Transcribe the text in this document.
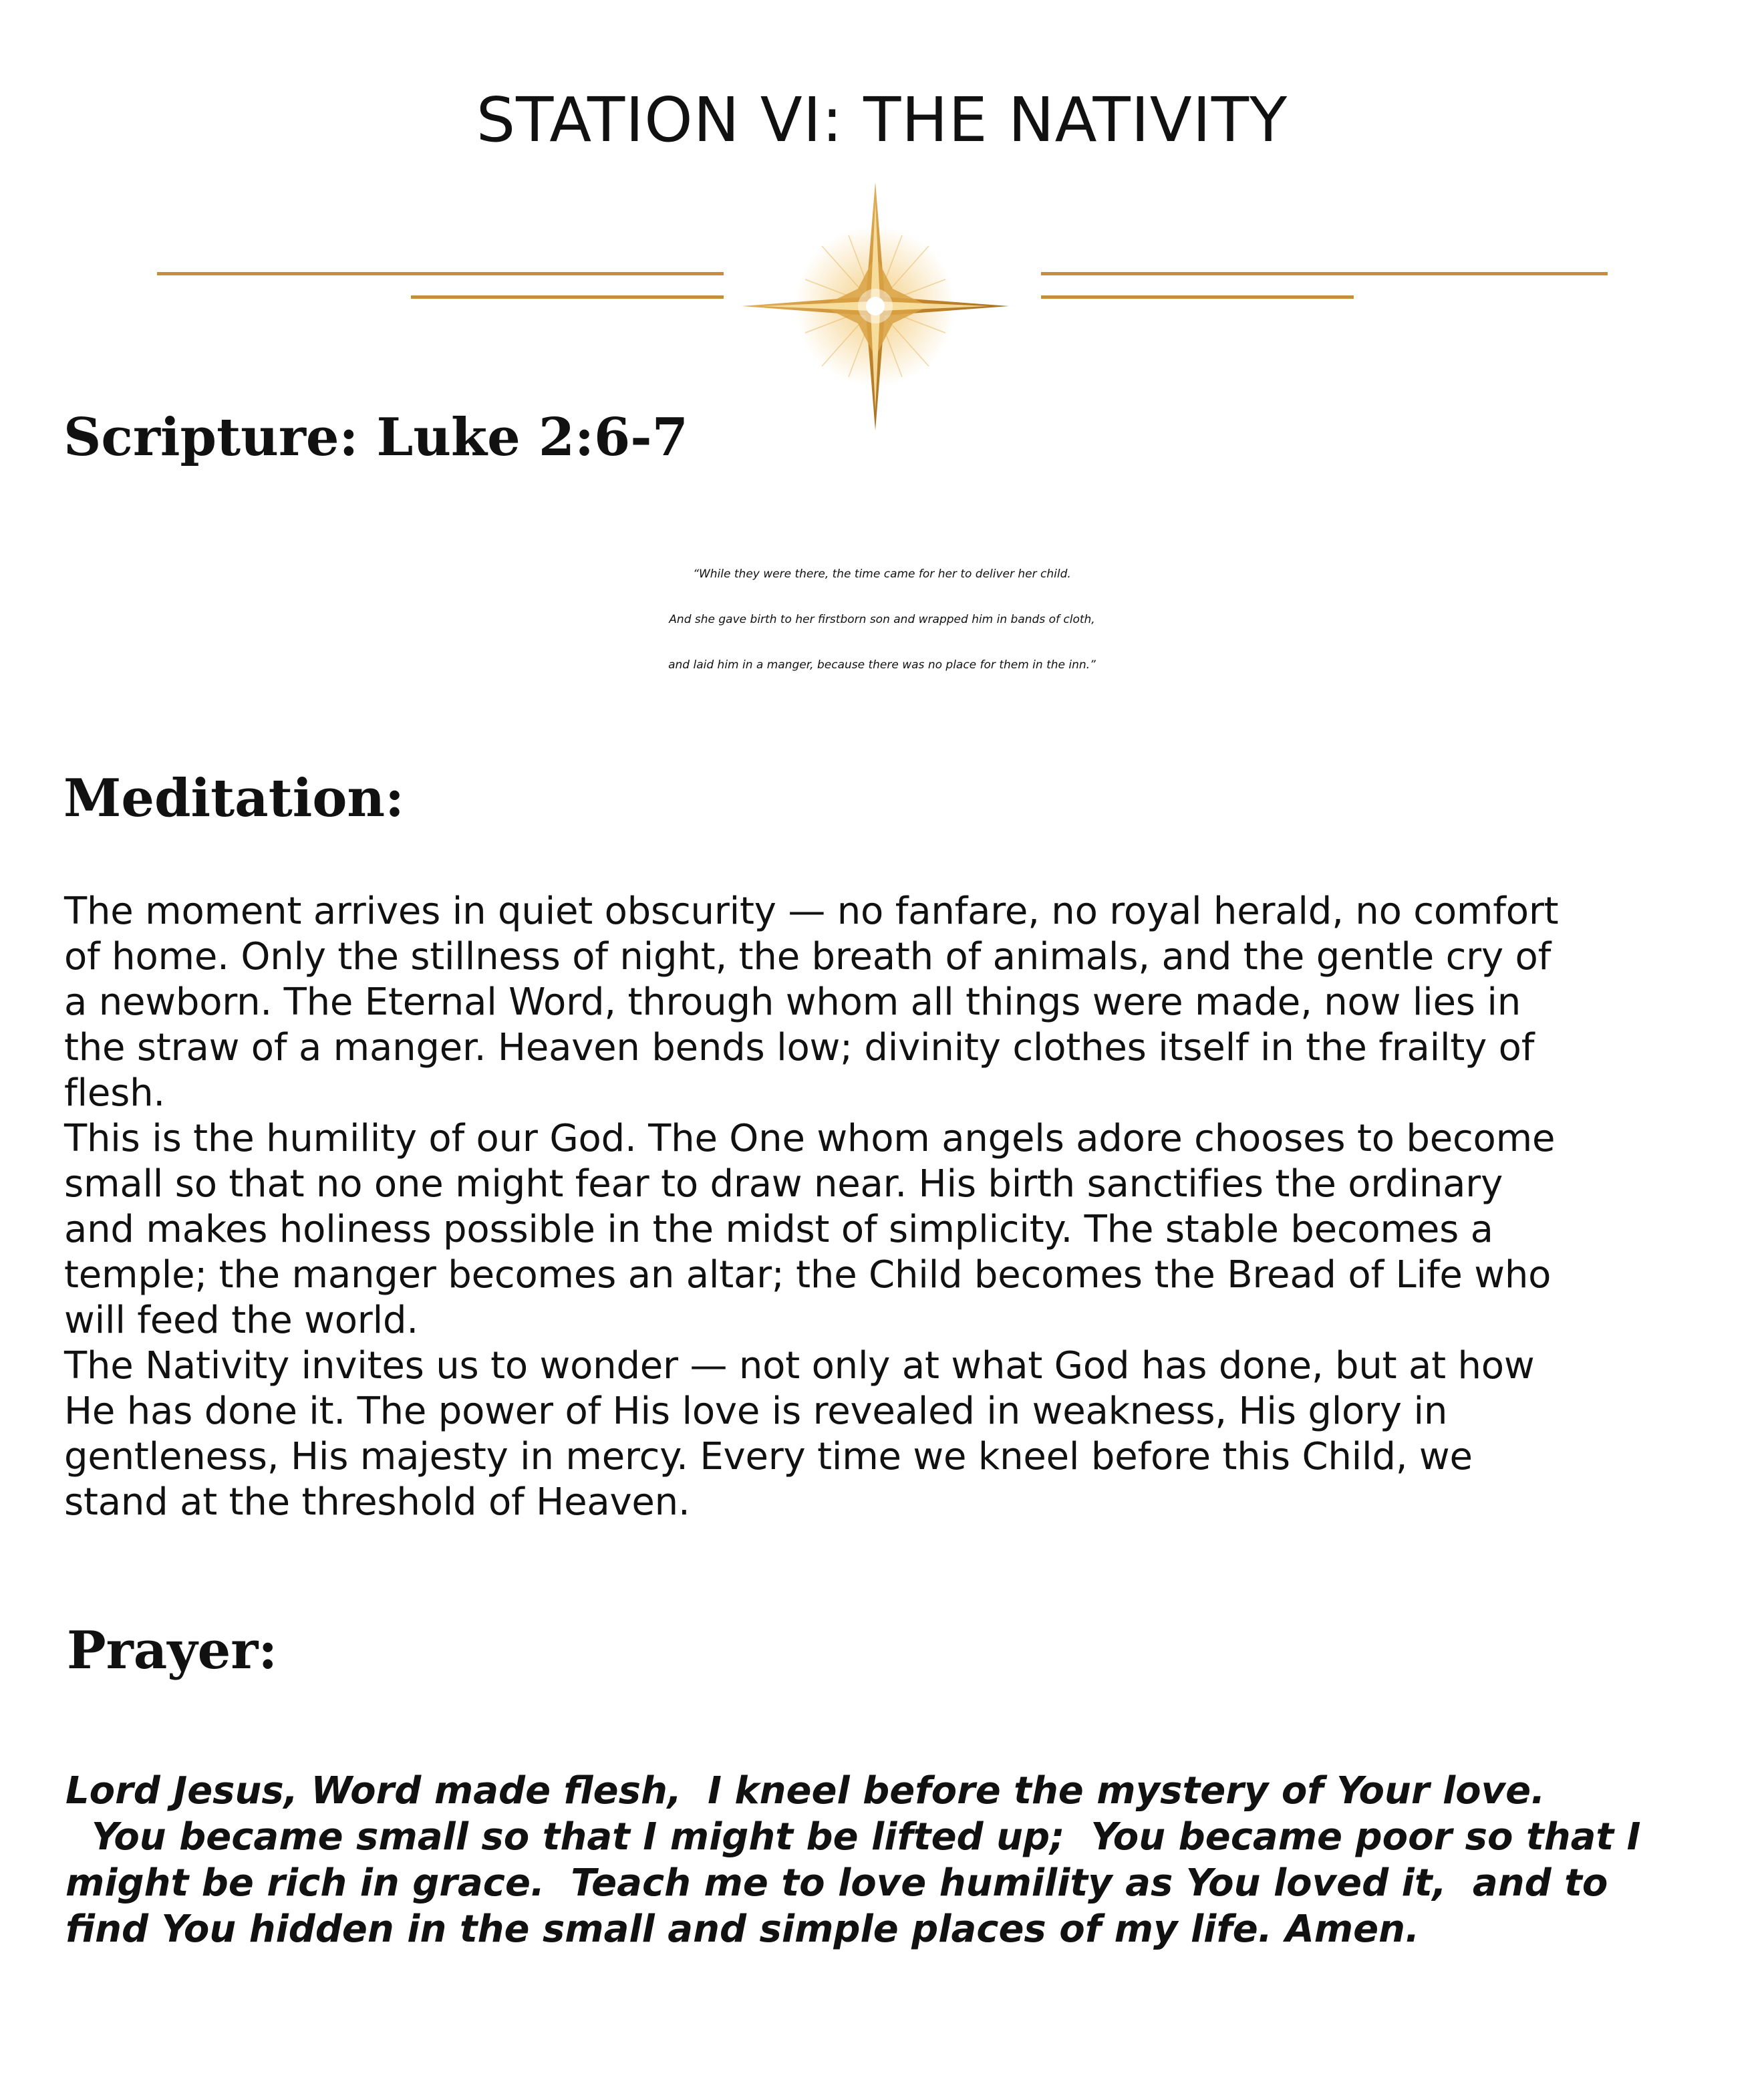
STATION VI: THE NATIVITY
Scripture: Luke 2:6-7

“While they were there, the time came for her to deliver her child.
And she gave birth to her firstborn son and wrapped him in bands of cloth,
and laid him in a manger, because there was no place for them in the inn.”

Meditation:

The moment arrives in quiet obscurity — no fanfare, no royal herald, no comfort
of home. Only the stillness of night, the breath of animals, and the gentle cry of
a newborn. The Eternal Word, through whom all things were made, now lies in
the straw of a manger. Heaven bends low; divinity clothes itself in the frailty of
flesh.
This is the humility of our God. The One whom angels adore chooses to become
small so that no one might fear to draw near. His birth sanctifies the ordinary
and makes holiness possible in the midst of simplicity. The stable becomes a
temple; the manger becomes an altar; the Child becomes the Bread of Life who
will feed the world.
The Nativity invites us to wonder — not only at what God has done, but at how
He has done it. The power of His love is revealed in weakness, His glory in
gentleness, His majesty in mercy. Every time we kneel before this Child, we
stand at the threshold of Heaven.

Prayer:

Lord Jesus, Word made flesh,  I kneel before the mystery of Your love.
You became small so that I might be lifted up;  You became poor so that I
might be rich in grace.  Teach me to love humility as You loved it,  and to
find You hidden in the small and simple places of my life. Amen.
